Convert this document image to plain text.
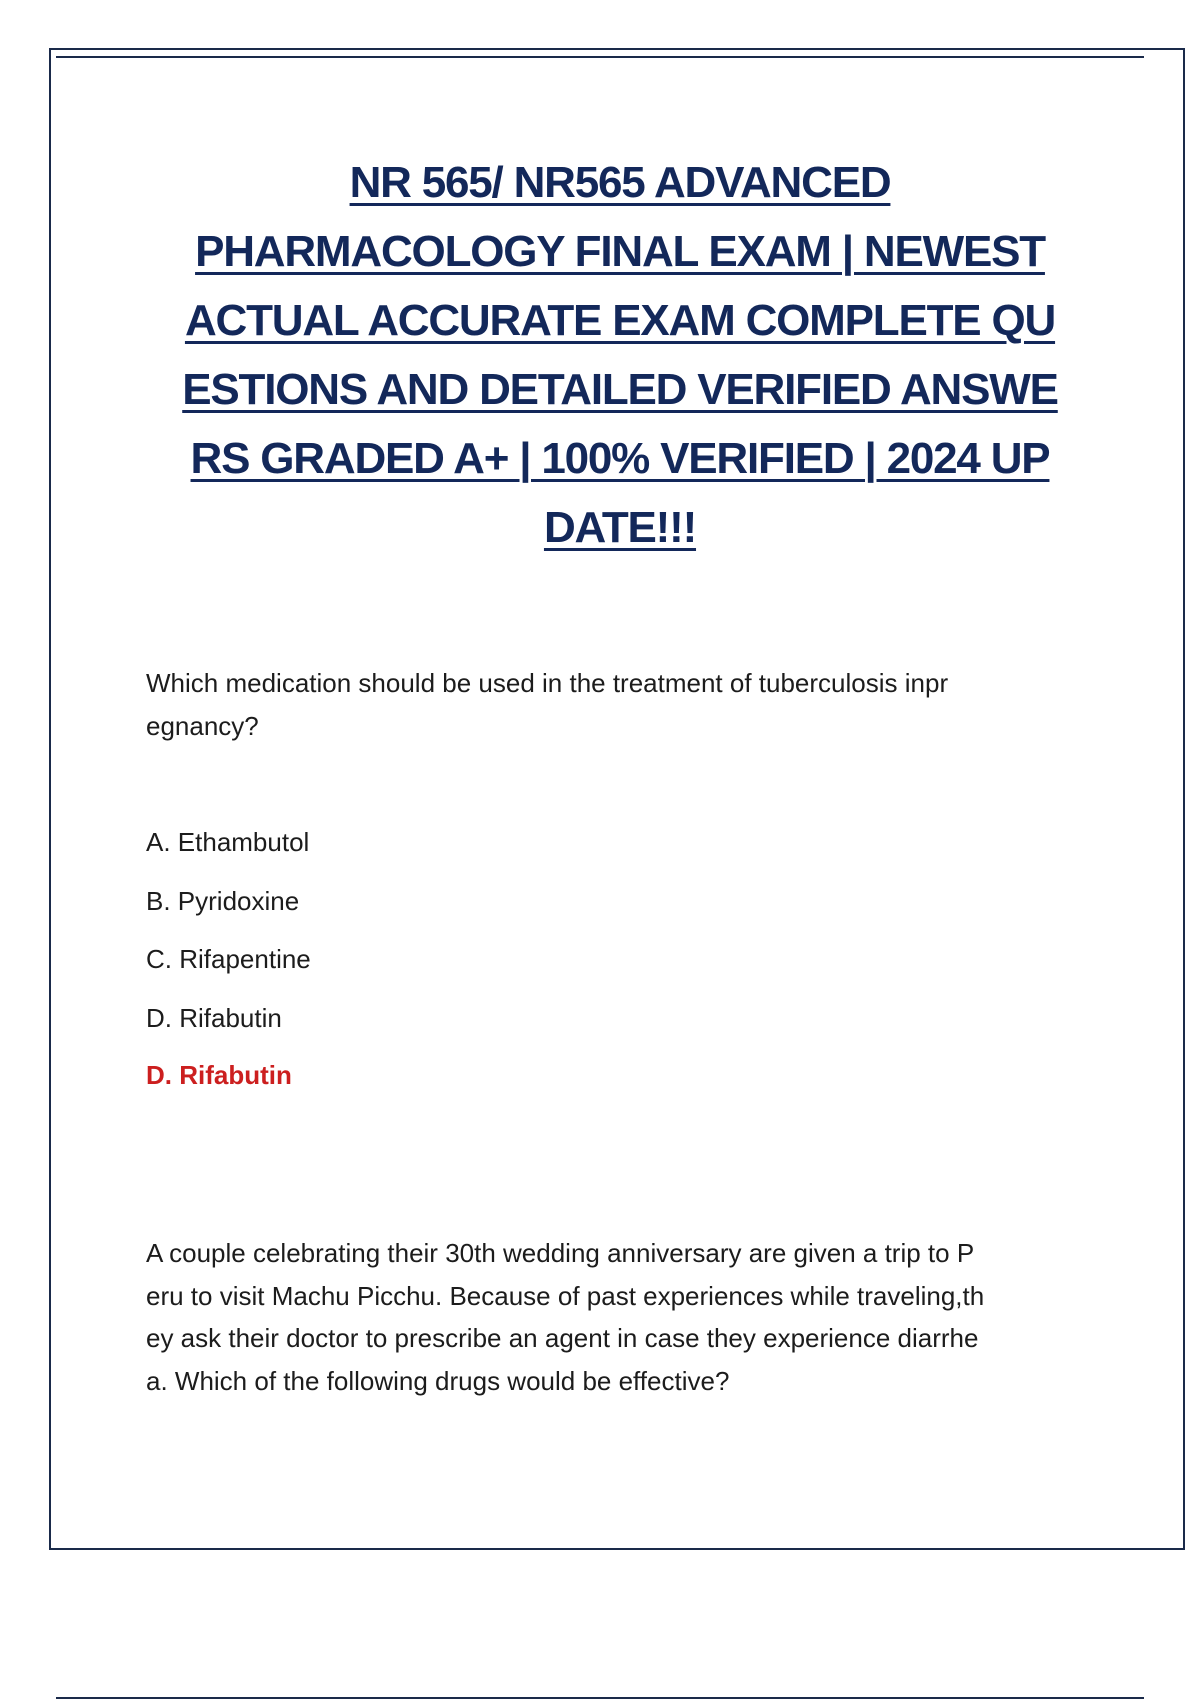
NR 565/ NR565 ADVANCED
PHARMACOLOGY FINAL EXAM | NEWEST
ACTUAL ACCURATE EXAM COMPLETE QU
ESTIONS AND DETAILED VERIFIED ANSWE
RS GRADED A+ | 100% VERIFIED | 2024 UP
DATE!!!
Which medication should be used in the treatment of tuberculosis inpr
egnancy?
A. Ethambutol
B. Pyridoxine
C. Rifapentine
D. Rifabutin
D. Rifabutin
A couple celebrating their 30th wedding anniversary are given a trip to P
eru to visit Machu Picchu. Because of past experiences while traveling,th
ey ask their doctor to prescribe an agent in case they experience diarrhe
a. Which of the following drugs would be effective?
